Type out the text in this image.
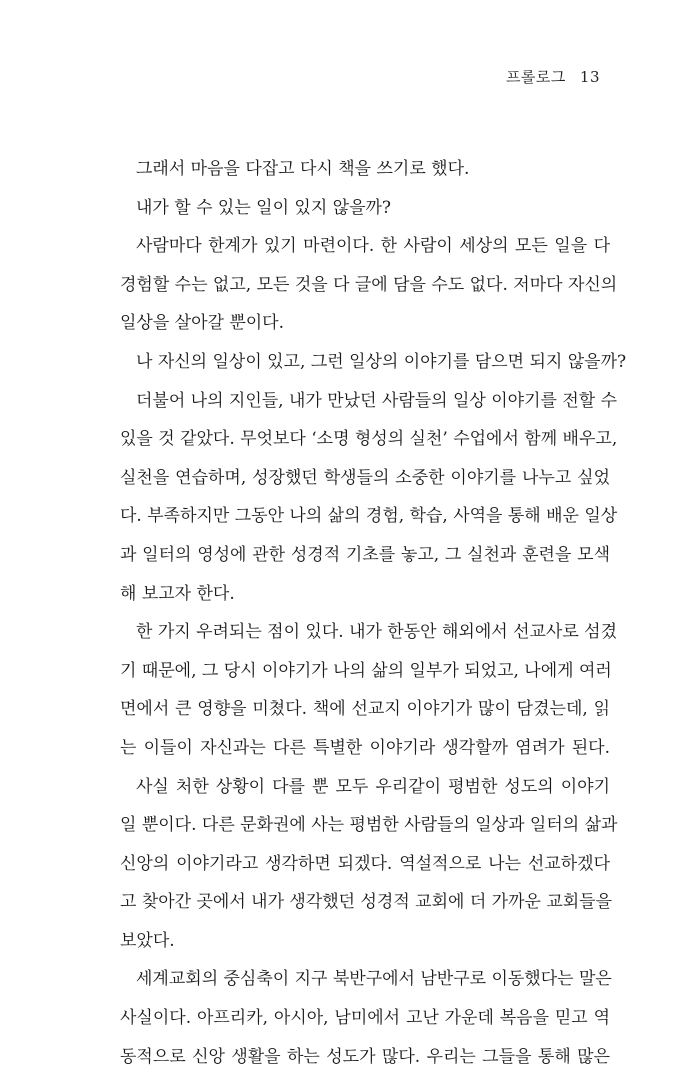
프롤로그 13
그래서 마음을 다잡고 다시 책을 쓰기로 했다.
내가 할 수 있는 일이 있지 않을까?
사람마다 한계가 있기 마련이다. 한 사람이 세상의 모든 일을 다
경험할 수는 없고, 모든 것을 다 글에 담을 수도 없다. 저마다 자신의
일상을 살아갈 뿐이다.
나 자신의 일상이 있고, 그런 일상의 이야기를 담으면 되지 않을까?
더불어 나의 지인들, 내가 만났던 사람들의 일상 이야기를 전할 수
있을 것 같았다. 무엇보다 ‘소명 형성의 실천’ 수업에서 함께 배우고,
실천을 연습하며, 성장했던 학생들의 소중한 이야기를 나누고 싶었
다. 부족하지만 그동안 나의 삶의 경험, 학습, 사역을 통해 배운 일상
과 일터의 영성에 관한 성경적 기초를 놓고, 그 실천과 훈련을 모색
해 보고자 한다.
한 가지 우려되는 점이 있다. 내가 한동안 해외에서 선교사로 섬겼
기 때문에, 그 당시 이야기가 나의 삶의 일부가 되었고, 나에게 여러
면에서 큰 영향을 미쳤다. 책에 선교지 이야기가 많이 담겼는데, 읽
는 이들이 자신과는 다른 특별한 이야기라 생각할까 염려가 된다.
사실 처한 상황이 다를 뿐 모두 우리같이 평범한 성도의 이야기
일 뿐이다. 다른 문화권에 사는 평범한 사람들의 일상과 일터의 삶과
신앙의 이야기라고 생각하면 되겠다. 역설적으로 나는 선교하겠다
고 찾아간 곳에서 내가 생각했던 성경적 교회에 더 가까운 교회들을
보았다.
세계교회의 중심축이 지구 북반구에서 남반구로 이동했다는 말은
사실이다. 아프리카, 아시아, 남미에서 고난 가운데 복음을 믿고 역
동적으로 신앙 생활을 하는 성도가 많다. 우리는 그들을 통해 많은
